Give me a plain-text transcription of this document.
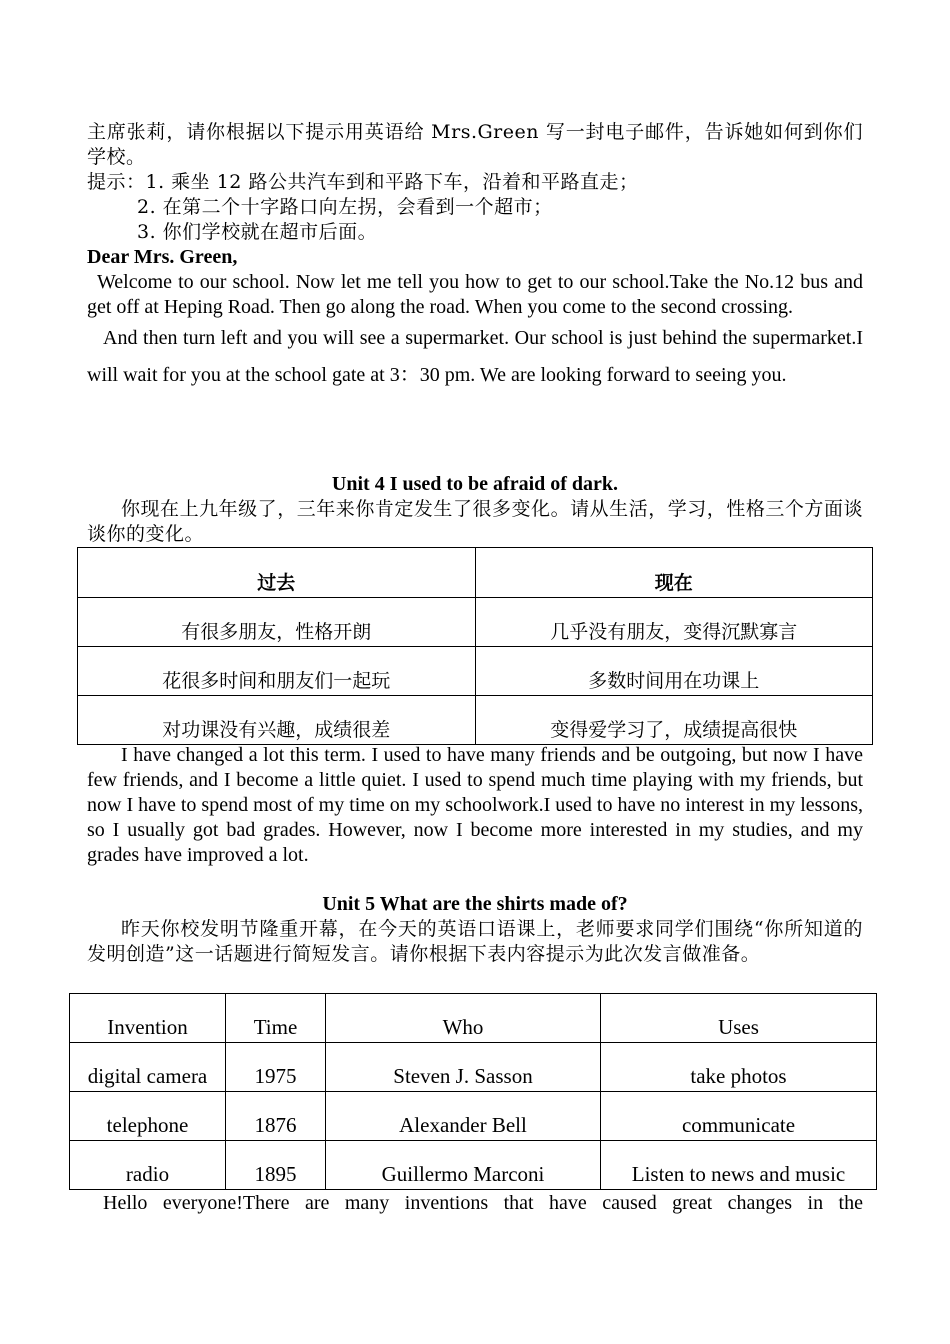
主席张莉，请你根据以下提示用英语给 Mrs.Green 写一封电子邮件，告诉她如何到你们学校。

提示：1. 乘坐 12 路公共汽车到和平路下车，沿着和平路直走；

2. 在第二个十字路口向左拐，会看到一个超市；

3. 你们学校就在超市后面。

Dear Mrs. Green,

Welcome to our school. Now let me tell you how to get to our school.Take the No.12 bus and get off at Heping Road. Then go along the road. When you come to the second crossing.

And then turn left and you will see a supermarket. Our school is just behind the supermarket.I will wait for you at the school gate at 3：30 pm. We are looking forward to seeing you.

Unit 4 I used to be afraid of dark.

你现在上九年级了，三年来你肯定发生了很多变化。请从生活，学习，性格三个方面谈谈你的变化。

过去	现在
有很多朋友，性格开朗	几乎没有朋友，变得沉默寡言
花很多时间和朋友们一起玩	多数时间用在功课上
对功课没有兴趣，成绩很差	变得爱学习了，成绩提高很快

I have changed a lot this term. I used to have many friends and be outgoing, but now I have few friends, and I become a little quiet. I used to spend much time playing with my friends, but now I have to spend most of my time on my schoolwork.I used to have no interest in my lessons, so I usually got bad grades. However, now I become more interested in my studies, and my grades have improved a lot.

Unit 5 What are the shirts made of?

昨天你校发明节隆重开幕，在今天的英语口语课上，老师要求同学们围绕“你所知道的发明创造”这一话题进行简短发言。请你根据下表内容提示为此次发言做准备。

Invention	Time	Who	Uses
digital camera	1975	Steven J. Sasson	take photos
telephone	1876	Alexander Bell	communicate
radio	1895	Guillermo Marconi	Listen to news and music

Hello everyone!There are many inventions that have caused great changes in the
